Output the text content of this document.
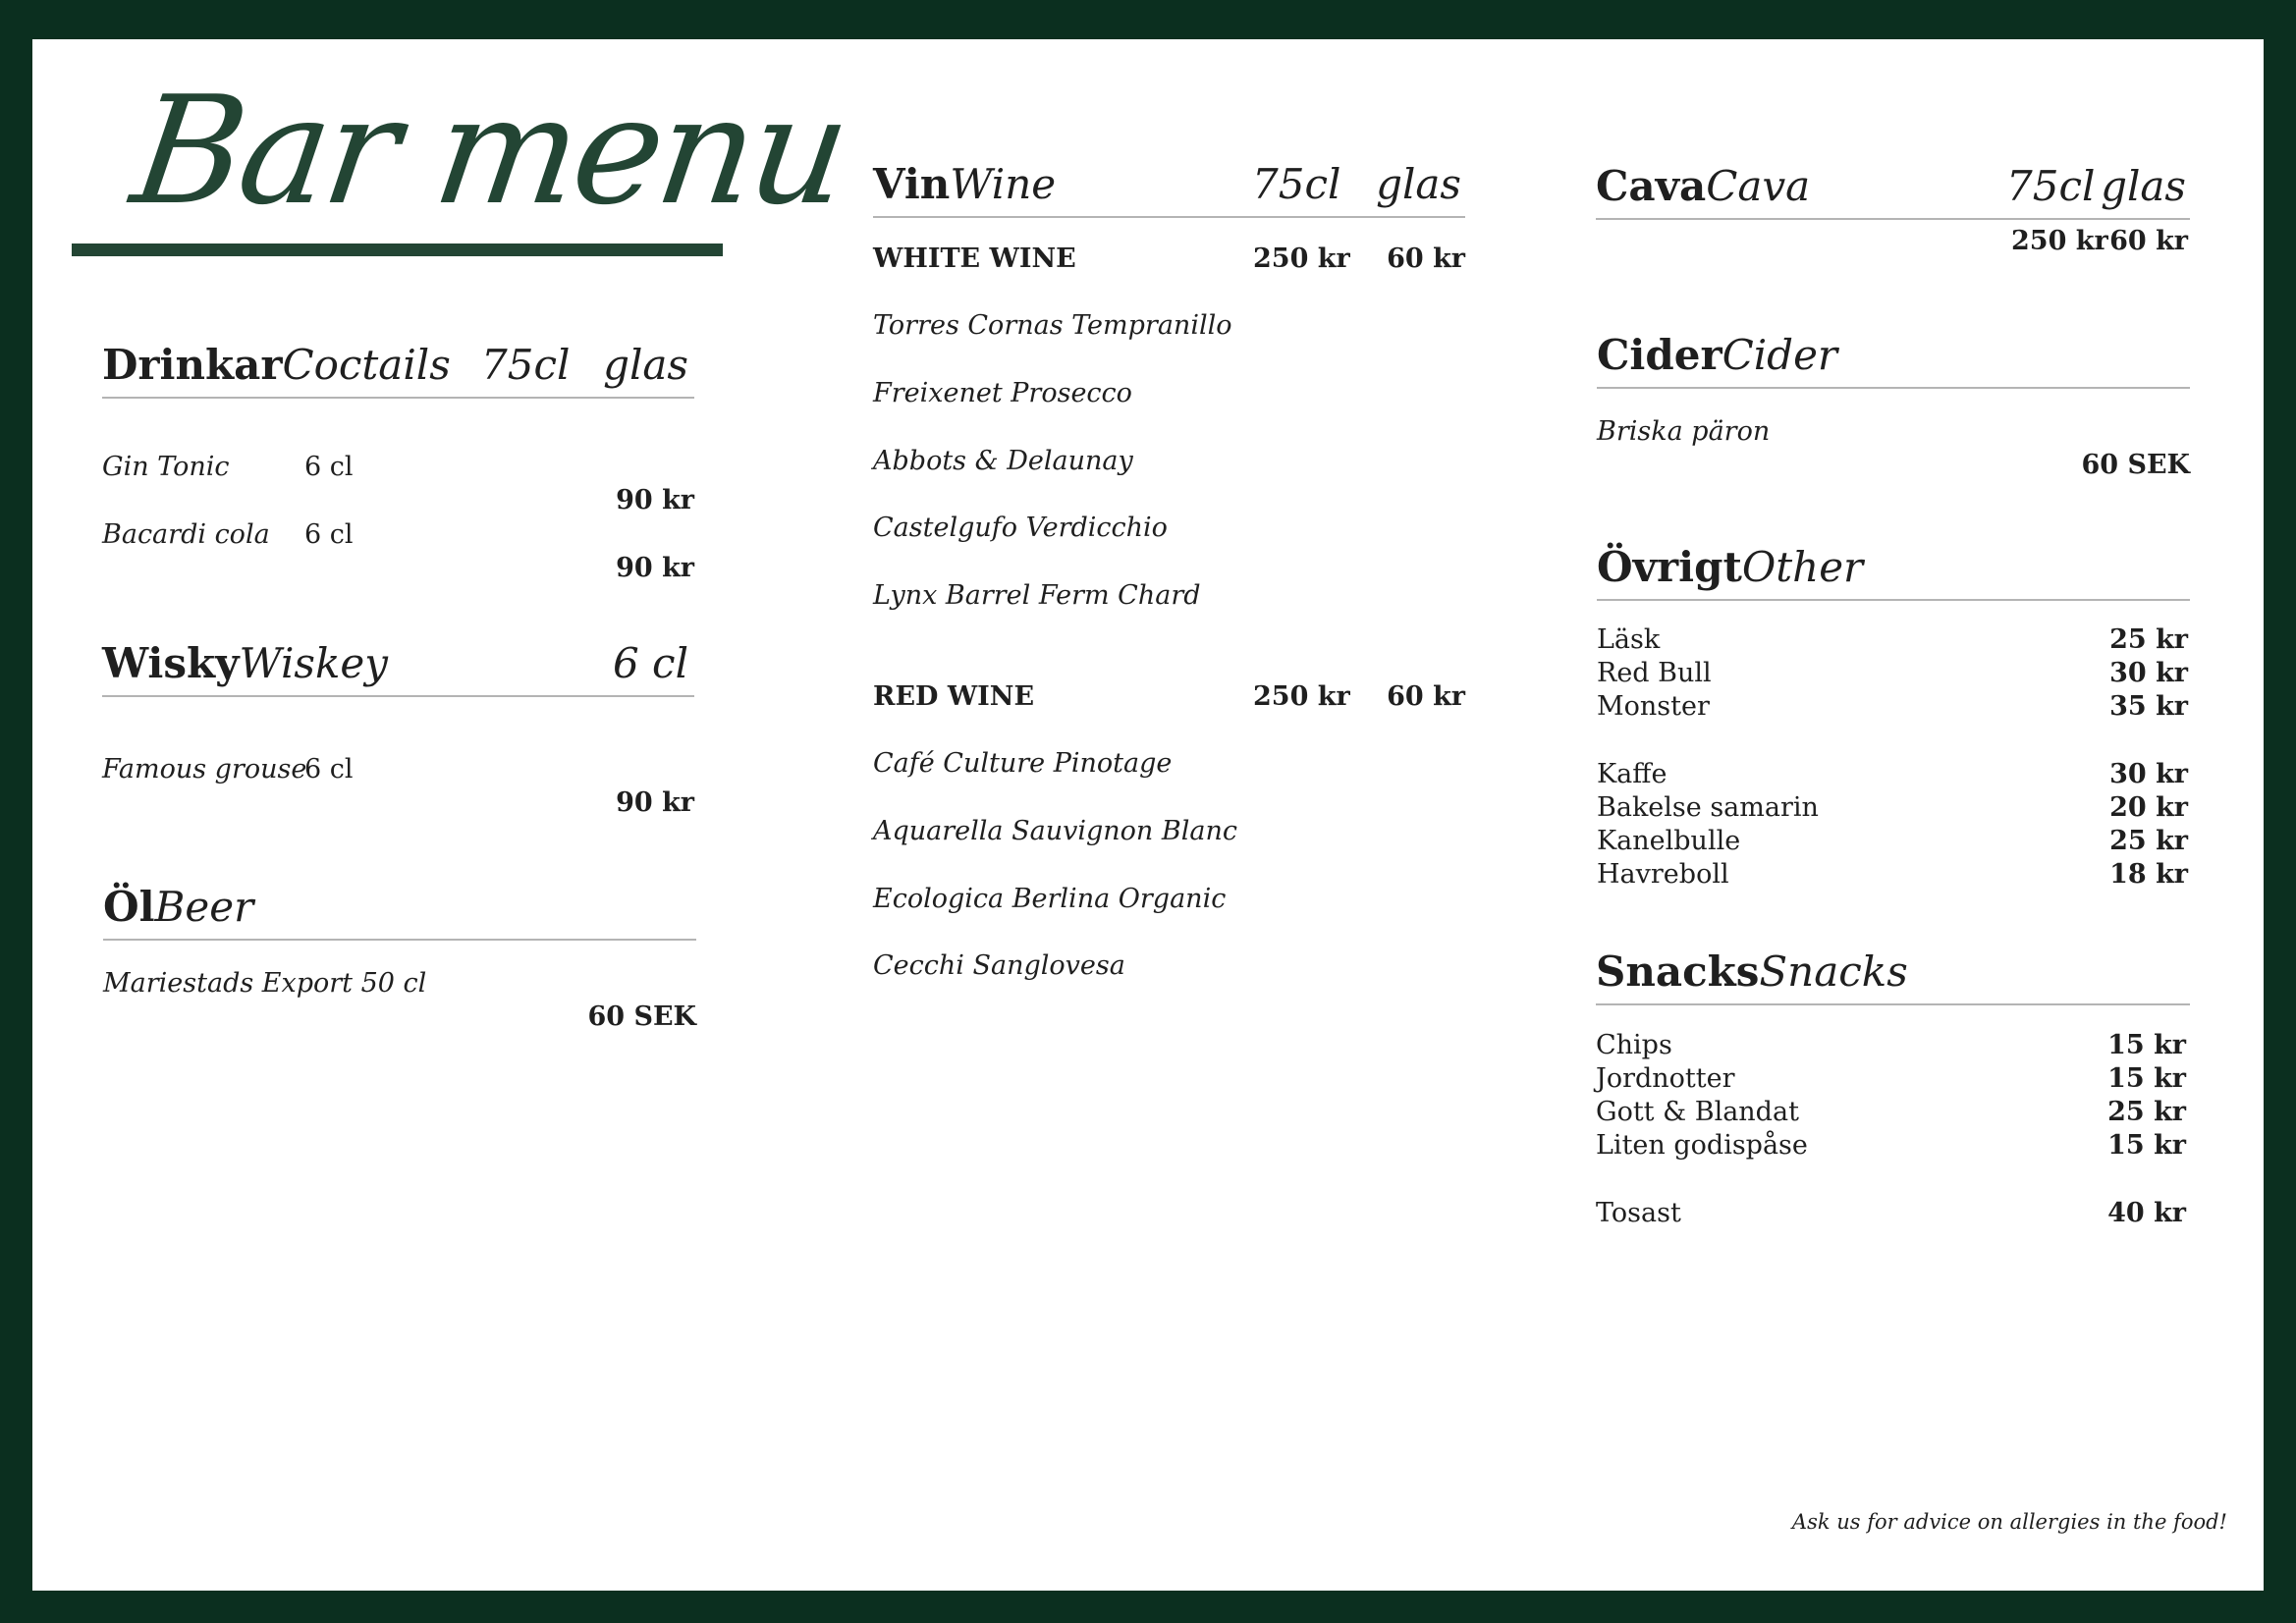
Bar menu
DrinkarCoctails 75cl glas
Gin Tonic	6 cl
90 kr
Bacardi cola 6 cl
90 kr
WiskyWiskey	6 cl
Famous grouse
6 cl
90 kr
ÖlBeer
Mariestads Export 50 cl
60 SEK
VinWine	75cl glas
WHITE WINE	250 kr 60 kr
Torres Cornas Tempranillo
Freixenet Prosecco
Abbots & Delaunay
Castelgufo Verdicchio
Lynx Barrel Ferm Chard
RED WINE	250 kr 60 kr
Café Culture Pinotage
Aquarella Sauvignon Blanc
Ecologica Berlina Organic
Cecchi Sanglovesa
CavaCava	75cl glas
250 kr 60 kr
CiderCider
Briska päron
60 SEK
ÖvrigtOther
Läsk	25 kr
Red Bull	30 kr
Monster	35 kr
Kaffe	30 kr
Bakelse samarin	20 kr
Kanelbulle	25 kr
Havreboll	18 kr
SnacksSnacks
Chips	15 kr
Jordnotter	15 kr
Gott & Blandat	25 kr
Liten godispåse	15 kr
Tosast	40 kr
Ask us for advice on allergies in the food!
